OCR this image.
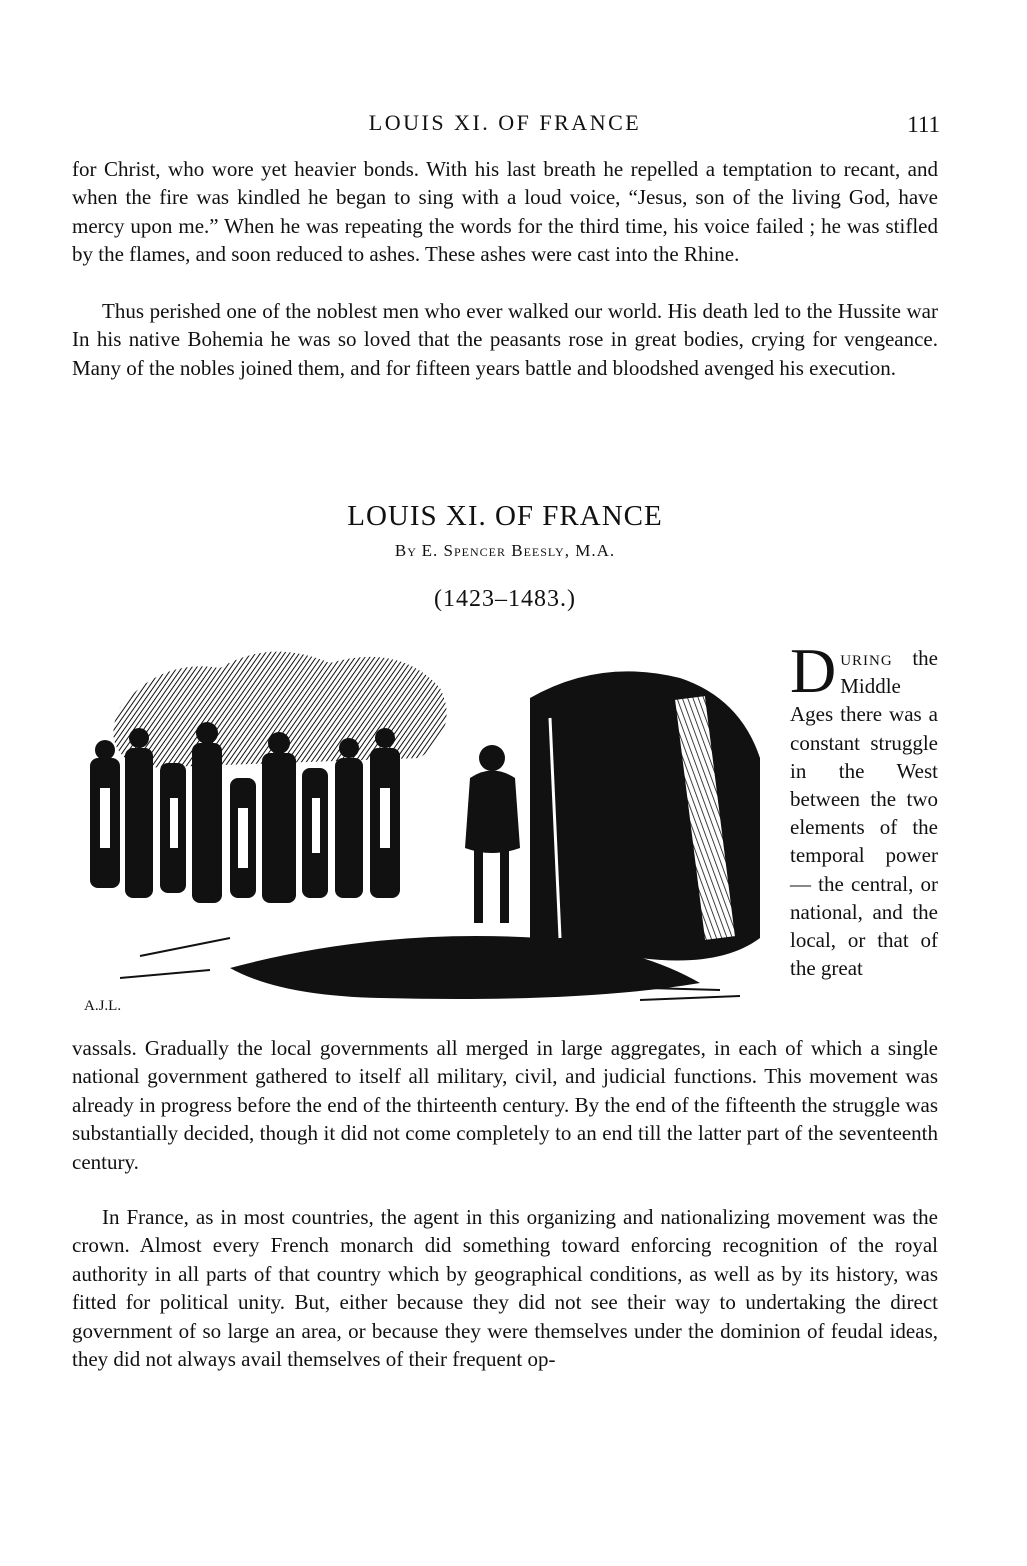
LOUIS XI. OF FRANCE	111

for Christ, who wore yet heavier bonds. With his last breath he repelled a temptation to recant, and when the fire was kindled he began to sing with a loud voice, “Jesus, son of the living God, have mercy upon me.” When he was repeating the words for the third time, his voice failed ; he was stifled by the flames, and soon reduced to ashes. These ashes were cast into the Rhine.

Thus perished one of the noblest men who ever walked our world. His death led to the Hussite war In his native Bohemia he was so loved that the peasants rose in great bodies, crying for vengeance. Many of the nobles joined them, and for fifteen years battle and bloodshed avenged his execution.

LOUIS XI. OF FRANCE
By E. Spencer Beesly, M.A.
(1423–1483.)
A.J.L.

During the Middle Ages there was a constant struggle in the West between the two elements of the temporal power — the central, or national, and the local, or that of the great

vassals. Gradually the local governments all merged in large aggregates, in each of which a single national government gathered to itself all military, civil, and judicial functions. This movement was already in progress before the end of the thirteenth century. By the end of the fifteenth the struggle was substantially decided, though it did not come completely to an end till the latter part of the seventeenth century.

In France, as in most countries, the agent in this organizing and nationalizing movement was the crown. Almost every French monarch did something toward enforcing recognition of the royal authority in all parts of that country which by geographical conditions, as well as by its history, was fitted for political unity. But, either because they did not see their way to undertaking the direct government of so large an area, or because they were themselves under the dominion of feudal ideas, they did not always avail themselves of their frequent op-
